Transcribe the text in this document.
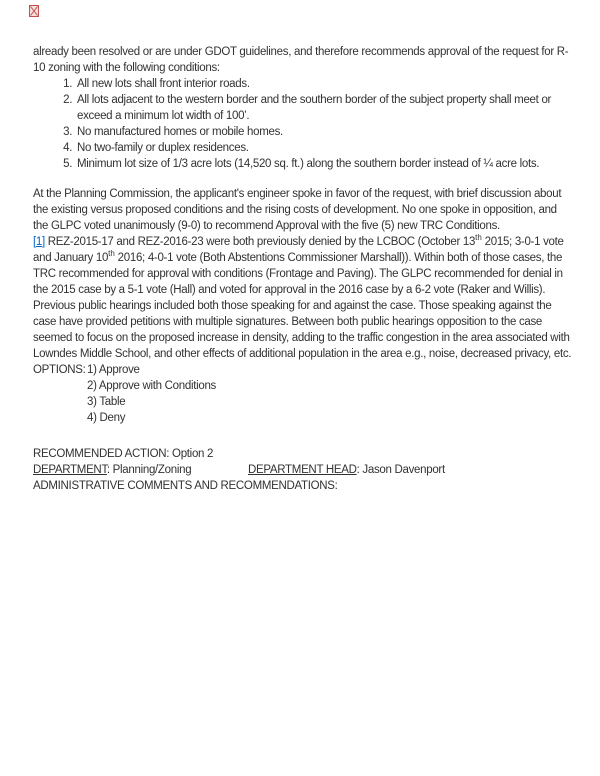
already been resolved or are under GDOT guidelines, and therefore recommends approval of the request for R-10 zoning with the following conditions:

1. All new lots shall front interior roads.
2. All lots adjacent to the western border and the southern border of the subject property shall meet or exceed a minimum lot width of 100’.
3. No manufactured homes or mobile homes.
4. No two-family or duplex residences.
5. Minimum lot size of 1/3 acre lots (14,520 sq. ft.) along the southern border instead of ¼ acre lots.

At the Planning Commission, the applicant's engineer spoke in favor of the request, with brief discussion about the existing versus proposed conditions and the rising costs of development. No one spoke in opposition, and the GLPC voted unanimously (9-0) to recommend Approval with the five (5) new TRC Conditions.

[1] REZ-2015-17 and REZ-2016-23 were both previously denied by the LCBOC (October 13th 2015; 3-0-1 vote and January 10th 2016; 4-0-1 vote (Both Abstentions Commissioner Marshall)). Within both of those cases, the TRC recommended for approval with conditions (Frontage and Paving). The GLPC recommended for denial in the 2015 case by a 5-1 vote (Hall) and voted for approval in the 2016 case by a 6-2 vote (Raker and Willis). Previous public hearings included both those speaking for and against the case. Those speaking against the case have provided petitions with multiple signatures. Between both public hearings opposition to the case seemed to focus on the proposed increase in density, adding to the traffic congestion in the area associated with Lowndes Middle School, and other effects of additional population in the area e.g., noise, decreased privacy, etc.

OPTIONS: 1) Approve
2) Approve with Conditions
3) Table
4) Deny

RECOMMENDED ACTION: Option 2

DEPARTMENT: Planning/Zoning	DEPARTMENT HEAD: Jason Davenport

ADMINISTRATIVE COMMENTS AND RECOMMENDATIONS:
